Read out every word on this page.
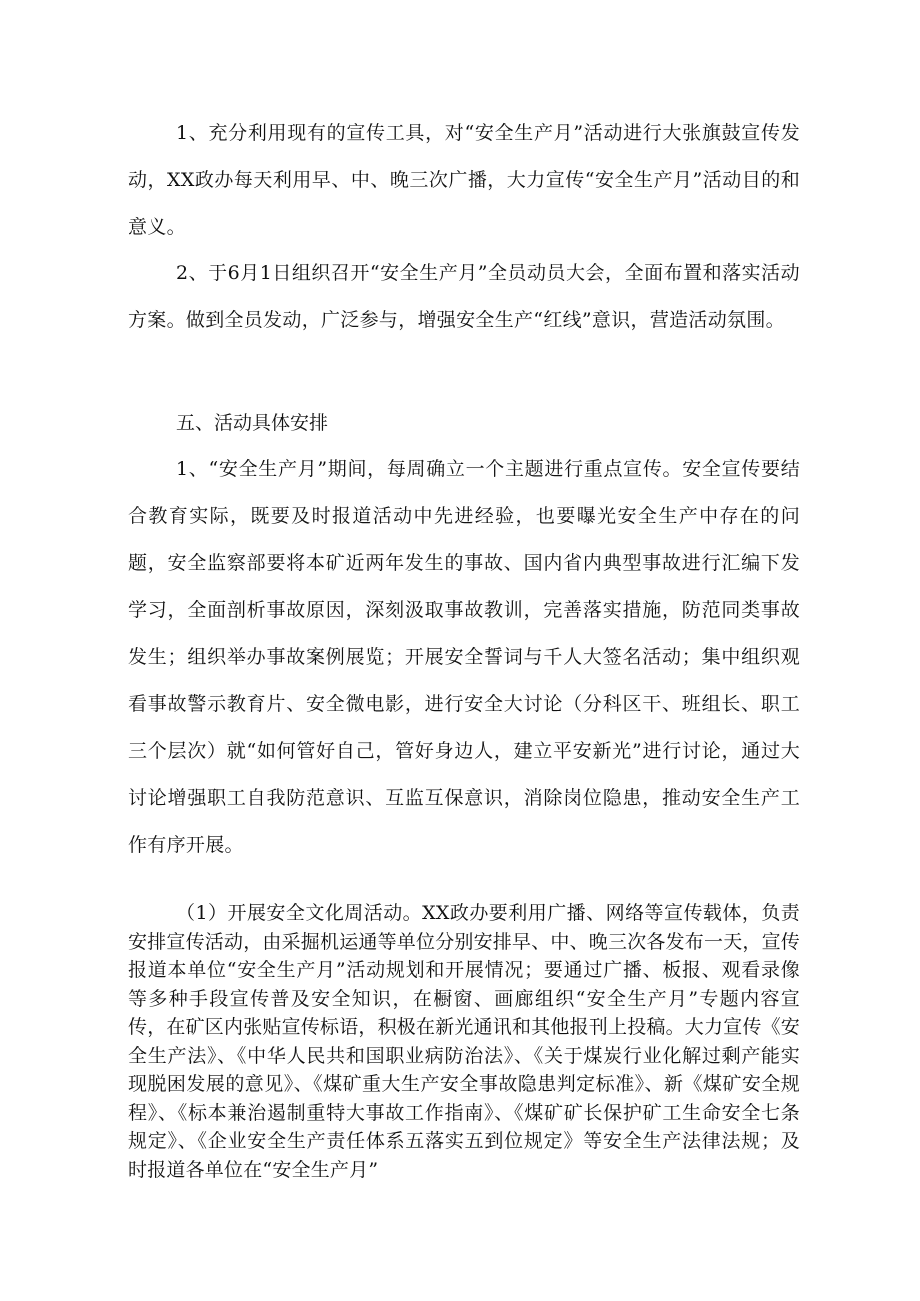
1、充分利用现有的宣传工具，对“安全生产月”活动进行大张旗鼓宣传发动，XX政办每天利用早、中、晚三次广播，大力宣传“安全生产月”活动目的和意义。

2、于6月1日组织召开“安全生产月”全员动员大会，全面布置和落实活动方案。做到全员发动，广泛参与，增强安全生产“红线”意识，营造活动氛围。

五、活动具体安排

1、“安全生产月”期间，每周确立一个主题进行重点宣传。安全宣传要结合教育实际，既要及时报道活动中先进经验，也要曝光安全生产中存在的问题，安全监察部要将本矿近两年发生的事故、国内省内典型事故进行汇编下发学习，全面剖析事故原因，深刻汲取事故教训，完善落实措施，防范同类事故发生；组织举办事故案例展览；开展安全誓词与千人大签名活动；集中组织观看事故警示教育片、安全微电影，进行安全大讨论（分科区干、班组长、职工三个层次）就“如何管好自己，管好身边人，建立平安新光”进行讨论，通过大讨论增强职工自我防范意识、互监互保意识，消除岗位隐患，推动安全生产工作有序开展。

（1）开展安全文化周活动。XX政办要利用广播、网络等宣传载体，负责安排宣传活动，由采掘机运通等单位分别安排早、中、晚三次各发布一天，宣传报道本单位“安全生产月”活动规划和开展情况；要通过广播、板报、观看录像等多种手段宣传普及安全知识，在橱窗、画廊组织“安全生产月”专题内容宣传，在矿区内张贴宣传标语，积极在新光通讯和其他报刊上投稿。大力宣传《安全生产法》、《中华人民共和国职业病防治法》、《关于煤炭行业化解过剩产能实现脱困发展的意见》、《煤矿重大生产安全事故隐患判定标准》、新《煤矿安全规程》、《标本兼治遏制重特大事故工作指南》、《煤矿矿长保护矿工生命安全七条规定》、《企业安全生产责任体系五落实五到位规定》等安全生产法律法规；及时报道各单位在“安全生产月”
